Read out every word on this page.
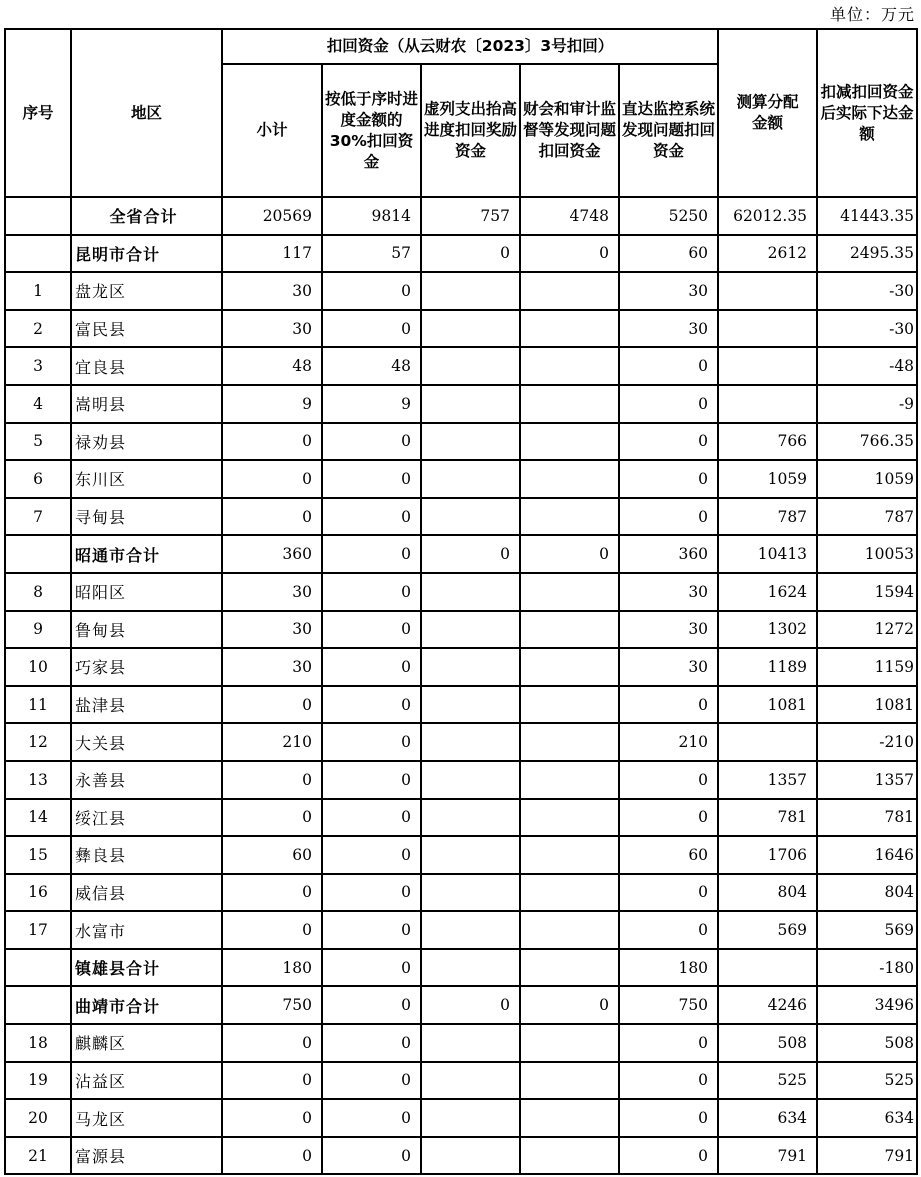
单位：万元
序号	地区	扣回资金（从云财农〔2023〕3号扣回）					测算分配金额	扣减扣回资金后实际下达金额
		小计	按低于序时进度金额的30%扣回资金	虚列支出抬高进度扣回奖励资金	财会和审计监督等发现问题扣回资金	直达监控系统发现问题扣回资金		
	全省合计	20569	9814	757	4748	5250	62012.35	41443.35
	昆明市合计	117	57	0	0	60	2612	2495.35
1	盘龙区	30	0			30		-30
2	富民县	30	0			30		-30
3	宜良县	48	48			0		-48
4	嵩明县	9	9			0		-9
5	禄劝县	0	0			0	766	766.35
6	东川区	0	0			0	1059	1059
7	寻甸县	0	0			0	787	787
	昭通市合计	360	0	0	0	360	10413	10053
8	昭阳区	30	0			30	1624	1594
9	鲁甸县	30	0			30	1302	1272
10	巧家县	30	0			30	1189	1159
11	盐津县	0	0			0	1081	1081
12	大关县	210	0			210		-210
13	永善县	0	0			0	1357	1357
14	绥江县	0	0			0	781	781
15	彝良县	60	0			60	1706	1646
16	威信县	0	0			0	804	804
17	水富市	0	0			0	569	569
	镇雄县合计	180	0			180		-180
	曲靖市合计	750	0	0	0	750	4246	3496
18	麒麟区	0	0			0	508	508
19	沾益区	0	0			0	525	525
20	马龙区	0	0			0	634	634
21	富源县	0	0			0	791	791
